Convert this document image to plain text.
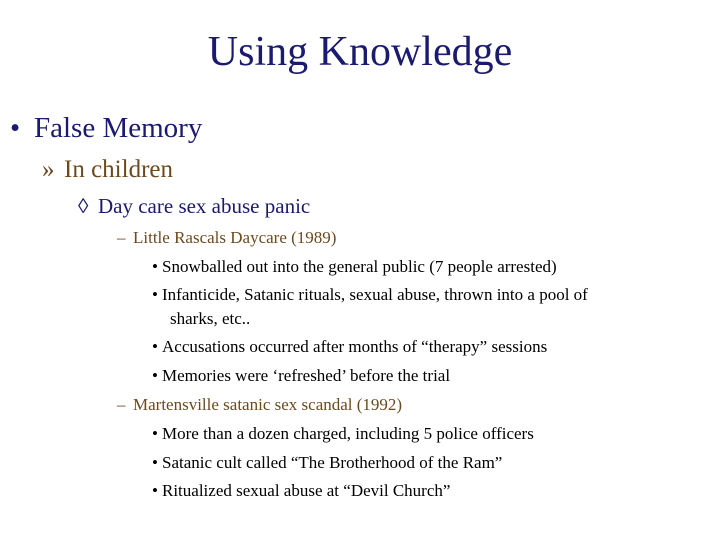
Using Knowledge
• False Memory
» In children
◊ Day care sex abuse panic
– Little Rascals Daycare (1989)
• Snowballed out into the general public (7 people arrested)
• Infanticide, Satanic rituals, sexual abuse, thrown into a pool of
sharks, etc..
• Accusations occurred after months of “therapy” sessions
• Memories were ‘refreshed’ before the trial
– Martensville satanic sex scandal (1992)
• More than a dozen charged, including 5 police officers
• Satanic cult called “The Brotherhood of the Ram”
• Ritualized sexual abuse at “Devil Church”
